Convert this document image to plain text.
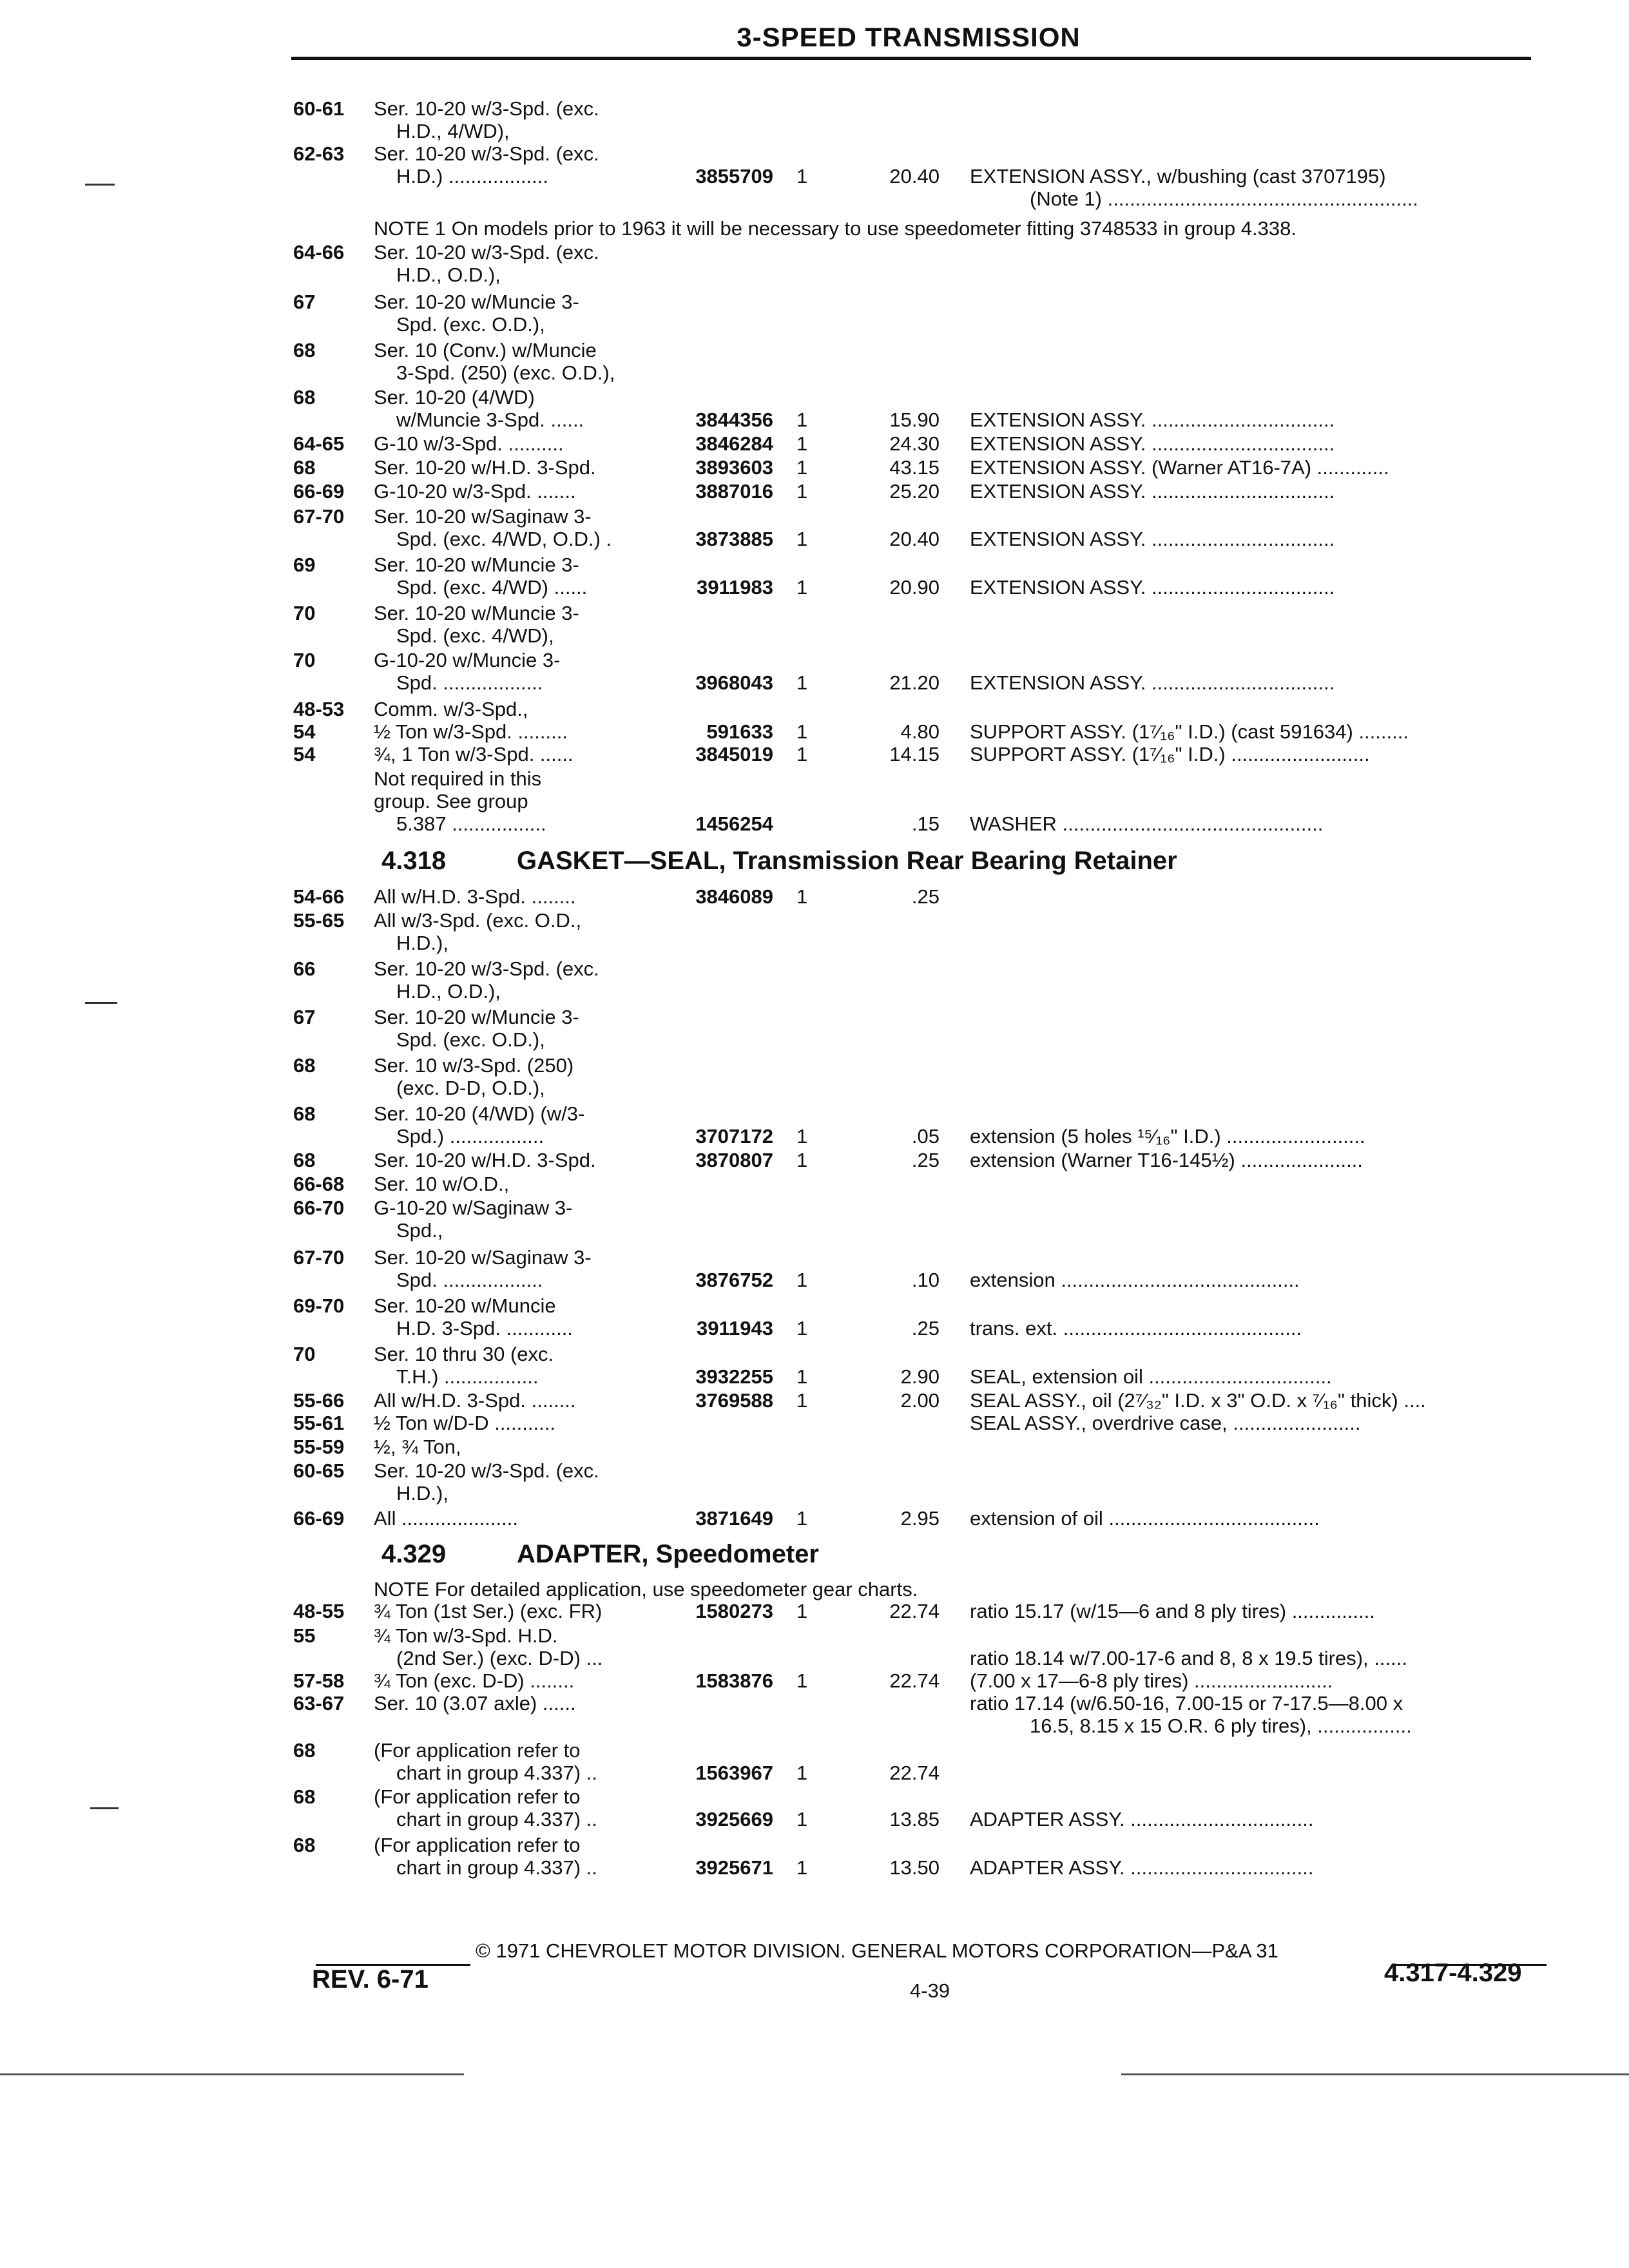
3-SPEED TRANSMISSION
60-61 Ser. 10-20 w/3-Spd. (exc.
H.D., 4/WD),
62-63 Ser. 10-20 w/3-Spd. (exc.
H.D.) ..................	3855709 1	20.40 EXTENSION ASSY., w/bushing (cast 3707195)
(Note 1) ........................................................
NOTE 1 On models prior to 1963 it will be necessary to use speedometer fitting 3748533 in group 4.338.
64-66 Ser. 10-20 w/3-Spd. (exc.
H.D., O.D.),
67	Ser. 10-20 w/Muncie 3-
Spd. (exc. O.D.),
68	Ser. 10 (Conv.) w/Muncie
3-Spd. (250) (exc. O.D.),
68	Ser. 10-20 (4/WD)
w/Muncie 3-Spd. ......	3844356 1	15.90 EXTENSION ASSY. .................................
64-65 G-10 w/3-Spd. ..........	3846284 1	24.30 EXTENSION ASSY. .................................
68	Ser. 10-20 w/H.D. 3-Spd.	3893603 1	43.15 EXTENSION ASSY. (Warner AT16-7A) .............
66-69 G-10-20 w/3-Spd. .......	3887016 1	25.20 EXTENSION ASSY. .................................
67-70 Ser. 10-20 w/Saginaw 3-
Spd. (exc. 4/WD, O.D.) .	3873885 1	20.40 EXTENSION ASSY. .................................
69	Ser. 10-20 w/Muncie 3-
Spd. (exc. 4/WD) ......	3911983 1	20.90 EXTENSION ASSY. .................................
70	Ser. 10-20 w/Muncie 3-
Spd. (exc. 4/WD),
70	G-10-20 w/Muncie 3-
Spd. ..................	3968043 1	21.20 EXTENSION ASSY. .................................
48-53 Comm. w/3-Spd.,
54	½ Ton w/3-Spd. .........	591633 1	4.80 SUPPORT ASSY. (1⁷⁄₁₆" I.D.) (cast 591634) .........
54	¾, 1 Ton w/3-Spd. ......	3845019 1	14.15 SUPPORT ASSY. (1⁷⁄₁₆" I.D.) .........................
Not required in this
group. See group
5.387 .................	1456254	.15 WASHER ...............................................
4.318	GASKET—SEAL, Transmission Rear Bearing Retainer
54-66 All w/H.D. 3-Spd. ........	3846089 1	.25
55-65 All w/3-Spd. (exc. O.D.,
H.D.),
66	Ser. 10-20 w/3-Spd. (exc.
H.D., O.D.),
67	Ser. 10-20 w/Muncie 3-
Spd. (exc. O.D.),
68	Ser. 10 w/3-Spd. (250)
(exc. D-D, O.D.),
68	Ser. 10-20 (4/WD) (w/3-
Spd.) .................	3707172 1	.05 extension (5 holes ¹⁵⁄₁₆" I.D.) .........................
68	Ser. 10-20 w/H.D. 3-Spd.	3870807 1	.25 extension (Warner T16-145½) ......................
66-68 Ser. 10 w/O.D.,
66-70 G-10-20 w/Saginaw 3-
Spd.,
67-70 Ser. 10-20 w/Saginaw 3-
Spd. ..................	3876752 1	.10 extension ...........................................
69-70 Ser. 10-20 w/Muncie
H.D. 3-Spd. ............	3911943 1	.25 trans. ext. ...........................................
70	Ser. 10 thru 30 (exc.
T.H.) .................	3932255 1	2.90 SEAL, extension oil .................................
55-66 All w/H.D. 3-Spd. ........	3769588 1	2.00 SEAL ASSY., oil (2⁷⁄₃₂" I.D. x 3" O.D. x ⁷⁄₁₆" thick) ....
55-61 ½ Ton w/D-D ...........	SEAL ASSY., overdrive case, .......................
55-59 ½, ¾ Ton,
60-65 Ser. 10-20 w/3-Spd. (exc.
H.D.),
66-69 All .....................	3871649 1	2.95 extension of oil ......................................
4.329	ADAPTER, Speedometer
NOTE For detailed application, use speedometer gear charts.
48-55 ¾ Ton (1st Ser.) (exc. FR)	1580273 1	22.74 ratio 15.17 (w/15—6 and 8 ply tires) ...............
55	¾ Ton w/3-Spd. H.D.
(2nd Ser.) (exc. D-D) ...	ratio 18.14 w/7.00-17-6 and 8, 8 x 19.5 tires), ......
57-58 ¾ Ton (exc. D-D) ........	1583876 1	22.74 (7.00 x 17—6-8 ply tires) .........................
63-67 Ser. 10 (3.07 axle) ......	ratio 17.14 (w/6.50-16, 7.00-15 or 7-17.5—8.00 x
16.5, 8.15 x 15 O.R. 6 ply tires), .................
68	(For application refer to
chart in group 4.337) ..	1563967 1	22.74
68	(For application refer to
chart in group 4.337) ..	3925669 1	13.85 ADAPTER ASSY. .................................
68	(For application refer to
chart in group 4.337) ..	3925671 1	13.50 ADAPTER ASSY. .................................
© 1971 CHEVROLET MOTOR DIVISION. GENERAL MOTORS CORPORATION—P&A 31
REV. 6-71	4-39
4.317-4.329
